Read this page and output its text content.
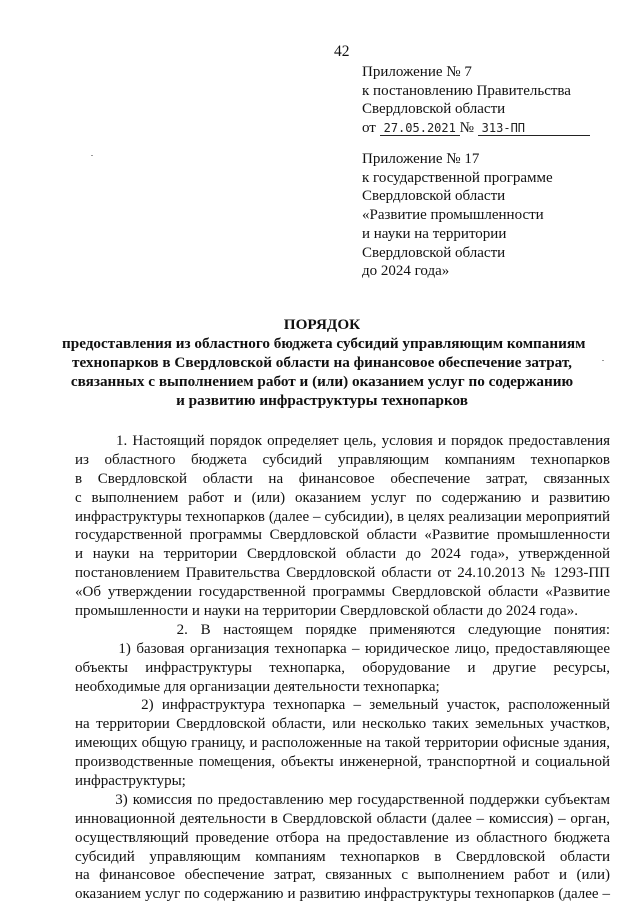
42
Приложение № 7
к постановлению Правительства
Свердловской области
от 27.05.2021 № 313-ПП
Приложение № 17
к государственной программе
Свердловской области
«Развитие промышленности
и науки на территории
Свердловской области
до 2024 года»
ПОРЯДОК
предоставления из областного бюджета субсидий управляющим компаниям
технопарков в Свердловской области на финансовое обеспечение затрат,
связанных с выполнением работ и (или) оказанием услуг по содержанию
и развитию инфраструктуры технопарков
1. Настоящий порядок определяет цель, условия и порядок предоставления
из областного бюджета субсидий управляющим компаниям технопарков
в Свердловской области на финансовое обеспечение затрат, связанных
с выполнением работ и (или) оказанием услуг по содержанию и развитию
инфраструктуры технопарков (далее – субсидии), в целях реализации мероприятий
государственной программы Свердловской области «Развитие промышленности
и науки на территории Свердловской области до 2024 года», утвержденной
постановлением Правительства Свердловской области от 24.10.2013 № 1293-ПП
«Об утверждении государственной программы Свердловской области «Развитие
промышленности и науки на территории Свердловской области до 2024 года».
2. В настоящем порядке применяются следующие понятия:
1) базовая организация технопарка – юридическое лицо, предоставляющее
объекты инфраструктуры технопарка, оборудование и другие ресурсы,
необходимые для организации деятельности технопарка;
2) инфраструктура технопарка – земельный участок, расположенный
на территории Свердловской области, или несколько таких земельных участков,
имеющих общую границу, и расположенные на такой территории офисные здания,
производственные помещения, объекты инженерной, транспортной и социальной
инфраструктуры;
3) комиссия по предоставлению мер государственной поддержки субъектам
инновационной деятельности в Свердловской области (далее – комиссия) – орган,
осуществляющий проведение отбора на предоставление из областного бюджета
субсидий управляющим компаниям технопарков в Свердловской области
на финансовое обеспечение затрат, связанных с выполнением работ и (или)
оказанием услуг по содержанию и развитию инфраструктуры технопарков (далее –
